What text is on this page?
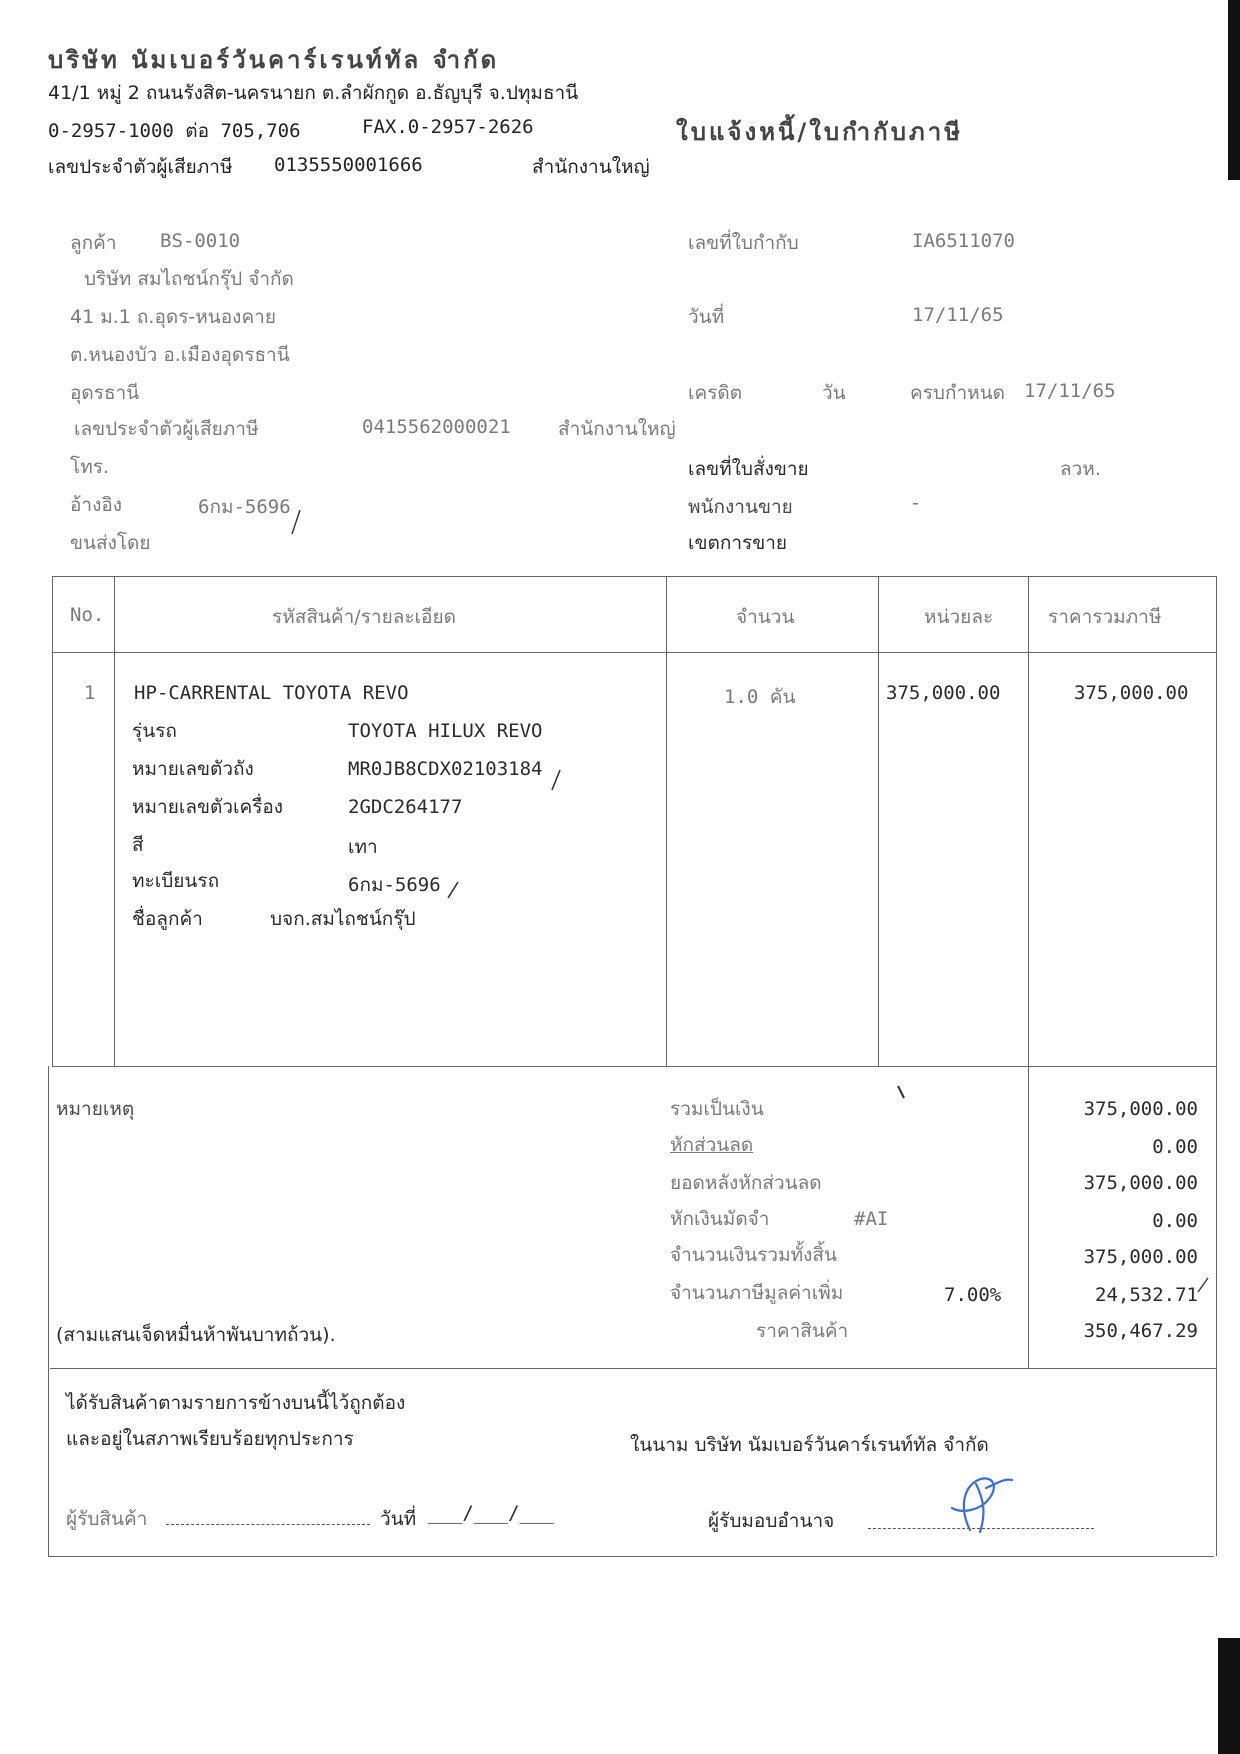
บริษัท นัมเบอร์วันคาร์เรนท์ทัล จำกัด
41/1 หมู่ 2 ถนนรังสิต-นครนายก ต.ลำผักกูด อ.ธัญบุรี จ.ปทุมธานี
0-2957-1000 ต่อ 705,706	FAX.0-2957-2626	ใบแจ้งหนี้/ใบกำกับภาษี
เลขประจำตัวผู้เสียภาษี 0135550001666	สำนักงานใหญ่
ลูกค้า BS-0010
บริษัท สมไถชน์กรุ๊ป จำกัด
41 ม.1 ถ.อุดร-หนองคาย
ต.หนองบัว อ.เมืองอุดรธานี
อุดรธานี
เลขประจำตัวผู้เสียภาษี	0415562000021 สำนักงานใหญ่
โทร.
อ้างอิง	6กม-5696
ขนส่งโดย
เลขที่ใบกำกับ	IA6511070
วันที่	17/11/65
เครดิต	วัน	ครบกำหนด 17/11/65
เลขที่ใบสั่งขาย	ลวห.
พนักงานขาย	-
เขตการขาย
No.	รหัสสินค้า/รายละเอียด	จำนวน	หน่วยละ	ราคารวมภาษี
1 HP-CARRENTAL TOYOTA REVO	1.0 คัน	375,000.00	375,000.00
รุ่นรถ	TOYOTA HILUX REVO
หมายเลขตัวถัง	MR0JB8CDX02103184
หมายเลขตัวเครื่อง	2GDC264177
สี	เทา
ทะเบียนรถ	6กม-5696
ชื่อลูกค้า	บจก.สมไถชน์กรุ๊ป
หมายเหตุ
(สามแสนเจ็ดหมื่นห้าพันบาทถ้วน).
รวมเป็นเงิน	375,000.00
หักส่วนลด	0.00
ยอดหลังหักส่วนลด	375,000.00
หักเงินมัดจำ	#AI	0.00
จำนวนเงินรวมทั้งสิ้น	375,000.00
จำนวนภาษีมูลค่าเพิ่ม	7.00%	24,532.71
ราคาสินค้า	350,467.29
ได้รับสินค้าตามรายการข้างบนนี้ไว้ถูกต้อง
และอยู่ในสภาพเรียบร้อยทุกประการ	ในนาม บริษัท นัมเบอร์วันคาร์เรนท์ทัล จำกัด
ผู้รับสินค้า	วันที่ ___/___/___	ผู้รับมอบอำนาจ
